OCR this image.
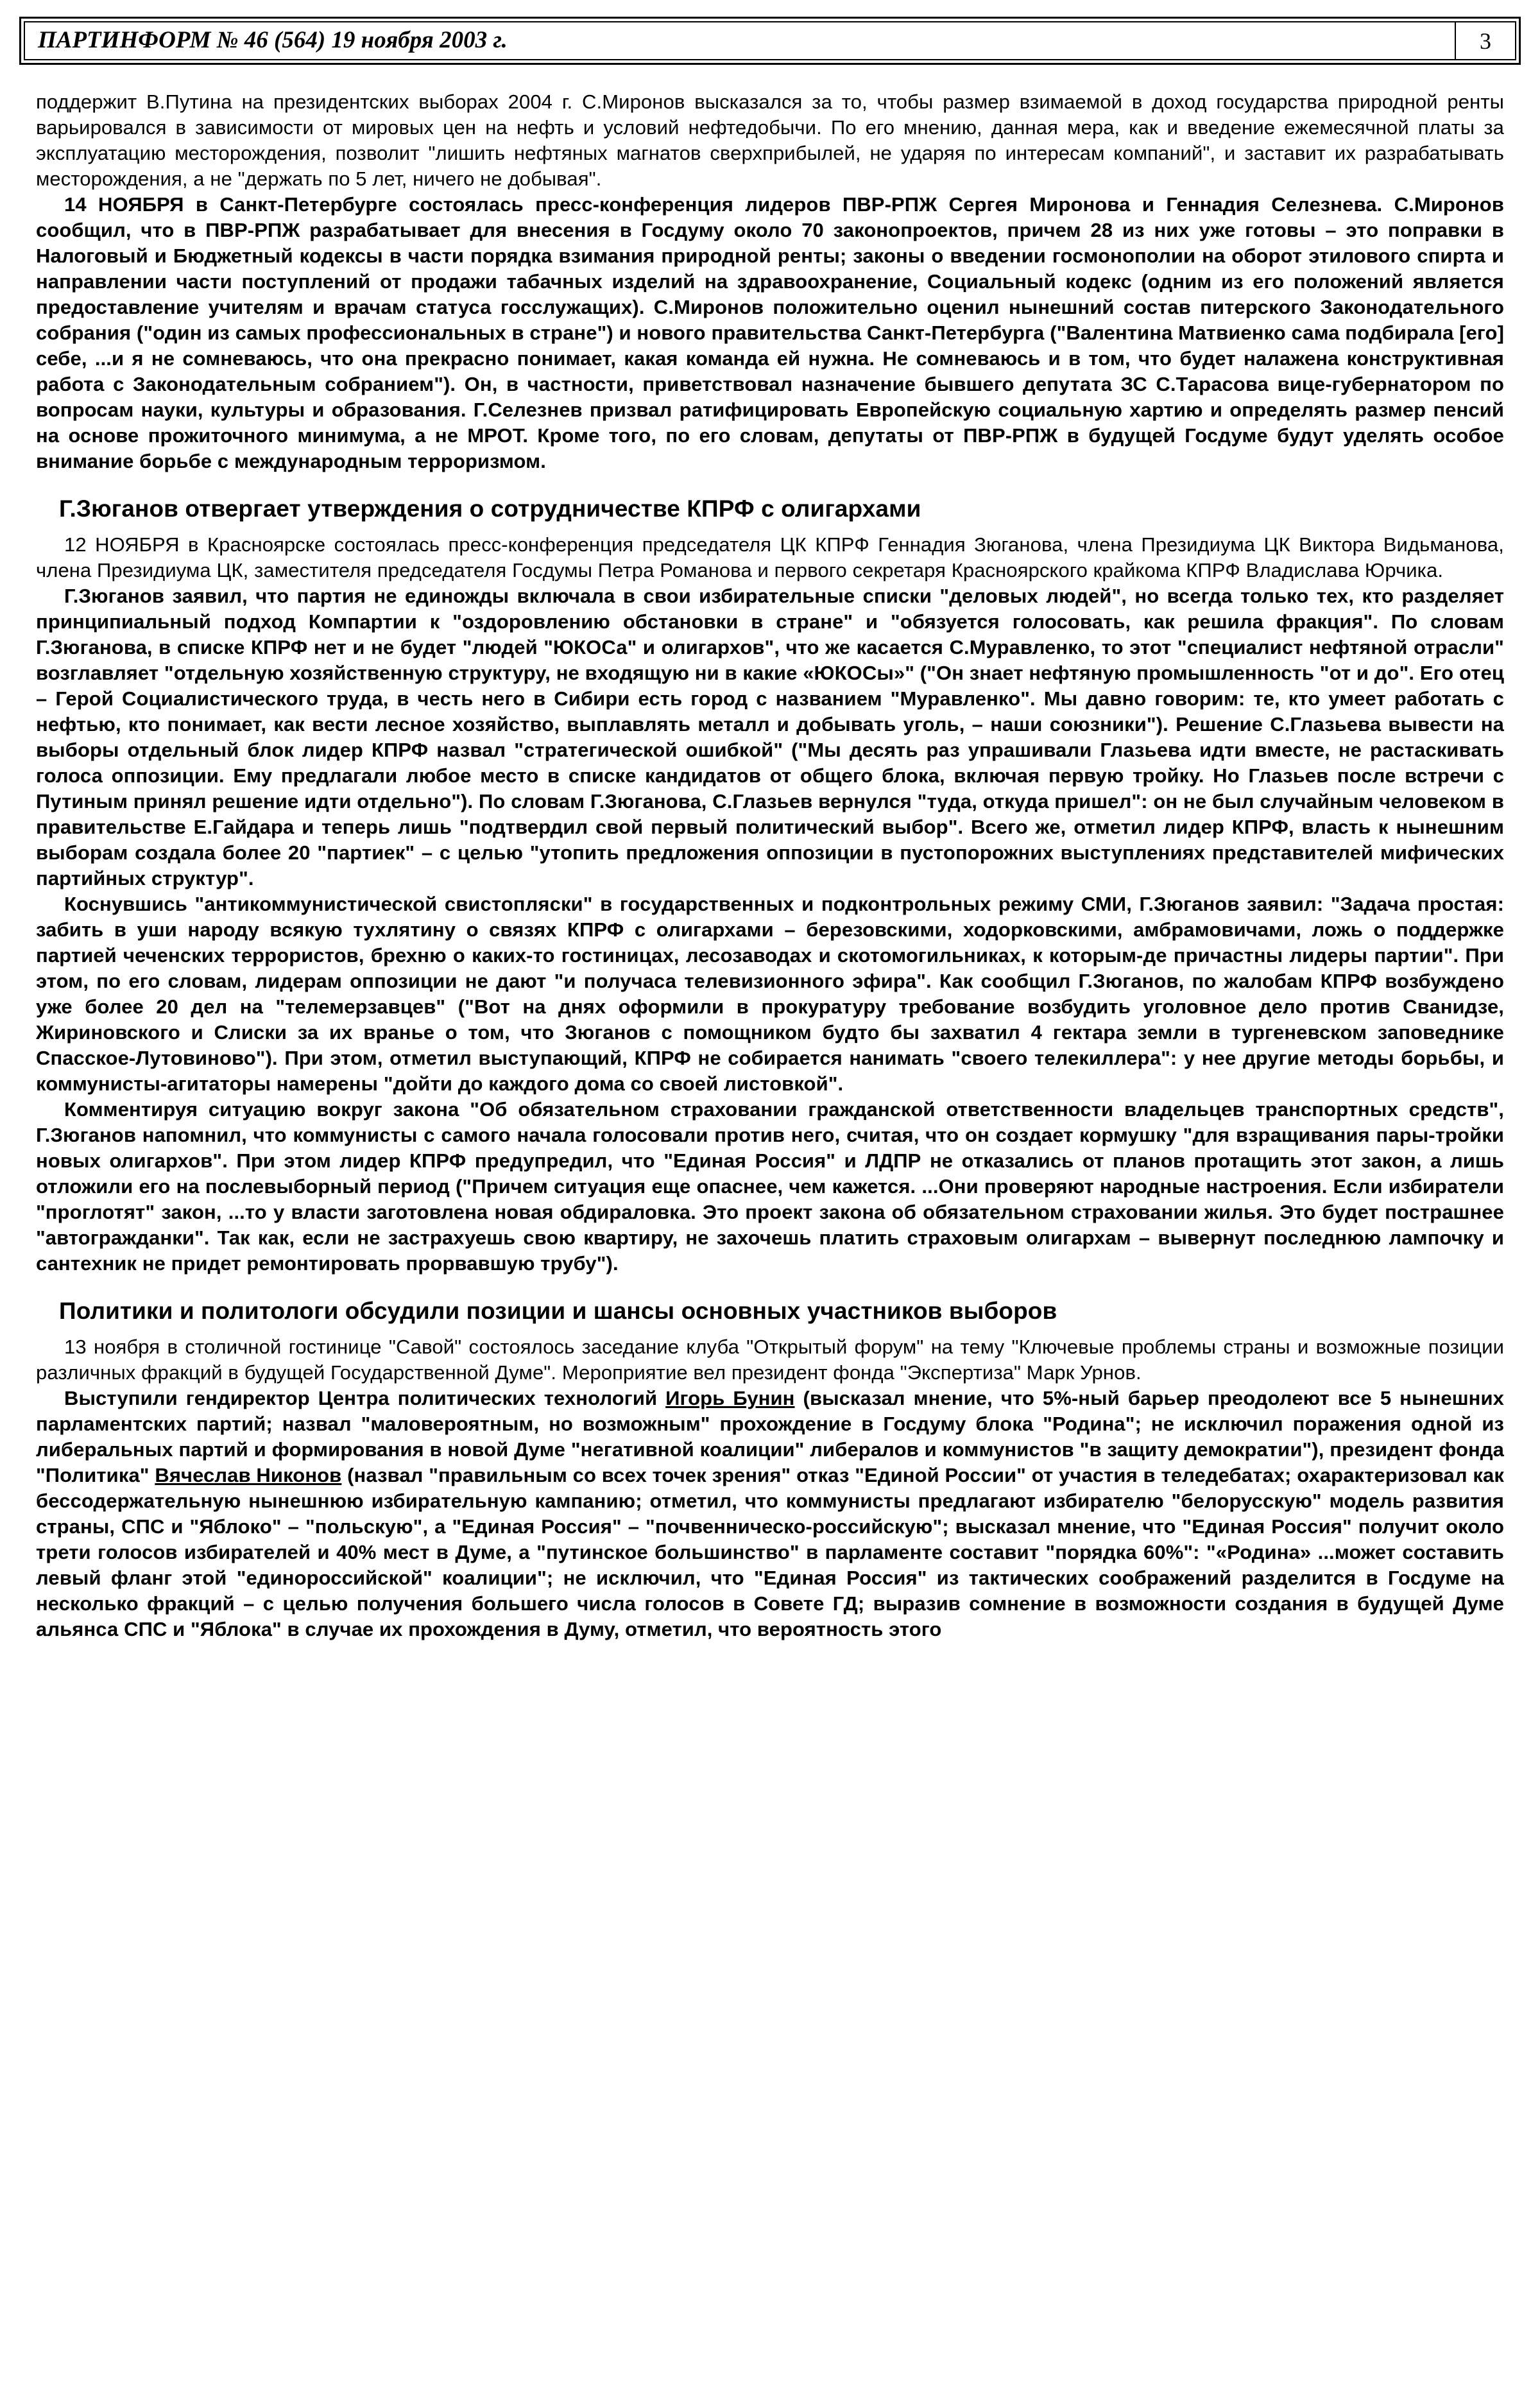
ПАРТИНФОРМ № 46 (564) 19 ноября 2003 г.	3
поддержит В.Путина на президентских выборах 2004 г. С.Миронов высказался за то, чтобы размер взимаемой в доход государства природной ренты варьировался в зависимости от мировых цен на нефть и условий нефтедобычи. По его мнению, данная мера, как и введение ежемесячной платы за эксплуатацию месторождения, позволит "лишить нефтяных магнатов сверхприбылей, не ударяя по интересам компаний", и заставит их разрабатывать месторождения, а не "держать по 5 лет, ничего не добывая".
14 НОЯБРЯ в Санкт-Петербурге состоялась пресс-конференция лидеров ПВР-РПЖ Сергея Миронова и Геннадия Селезнева. С.Миронов сообщил, что в ПВР-РПЖ разрабатывает для внесения в Госдуму около 70 законопроектов, причем 28 из них уже готовы – это поправки в Налоговый и Бюджетный кодексы в части порядка взимания природной ренты; законы о введении госмонополии на оборот этилового спирта и направлении части поступлений от продажи табачных изделий на здравоохранение, Социальный кодекс (одним из его положений является предоставление учителям и врачам статуса госслужащих). С.Миронов положительно оценил нынешний состав питерского Законодательного собрания ("один из самых профессиональных в стране") и нового правительства Санкт-Петербурга ("Валентина Матвиенко сама подбирала [его] себе, ...и я не сомневаюсь, что она прекрасно понимает, какая команда ей нужна. Не сомневаюсь и в том, что будет налажена конструктивная работа с Законодательным собранием"). Он, в частности, приветствовал назначение бывшего депутата ЗС С.Тарасова вице-губернатором по вопросам науки, культуры и образования. Г.Селезнев призвал ратифицировать Европейскую социальную хартию и определять размер пенсий на основе прожиточного минимума, а не МРОТ. Кроме того, по его словам, депутаты от ПВР-РПЖ в будущей Госдуме будут уделять особое внимание борьбе с международным терроризмом.
Г.Зюганов отвергает утверждения о сотрудничестве КПРФ с олигархами
12 НОЯБРЯ в Красноярске состоялась пресс-конференция председателя ЦК КПРФ Геннадия Зюганова, члена Президиума ЦК Виктора Видьманова, члена Президиума ЦК, заместителя председателя Госдумы Петра Романова и первого секретаря Красноярского крайкома КПРФ Владислава Юрчика.
Г.Зюганов заявил, что партия не единожды включала в свои избирательные списки "деловых людей", но всегда только тех, кто разделяет принципиальный подход Компартии к "оздоровлению обстановки в стране" и "обязуется голосовать, как решила фракция". По словам Г.Зюганова, в списке КПРФ нет и не будет "людей "ЮКОСа" и олигархов", что же касается С.Муравленко, то этот "специалист нефтяной отрасли" возглавляет "отдельную хозяйственную структуру, не входящую ни в какие «ЮКОСы»" ("Он знает нефтяную промышленность "от и до". Его отец – Герой Социалистического труда, в честь него в Сибири есть город с названием "Муравленко". Мы давно говорим: те, кто умеет работать с нефтью, кто понимает, как вести лесное хозяйство, выплавлять металл и добывать уголь, – наши союзники"). Решение С.Глазьева вывести на выборы отдельный блок лидер КПРФ назвал "стратегической ошибкой" ("Мы десять раз упрашивали Глазьева идти вместе, не растаскивать голоса оппозиции. Ему предлагали любое место в списке кандидатов от общего блока, включая первую тройку. Но Глазьев после встречи с Путиным принял решение идти отдельно"). По словам Г.Зюганова, С.Глазьев вернулся "туда, откуда пришел": он не был случайным человеком в правительстве Е.Гайдара и теперь лишь "подтвердил свой первый политический выбор". Всего же, отметил лидер КПРФ, власть к нынешним выборам создала более 20 "партиек" – с целью "утопить предложения оппозиции в пустопорожних выступлениях представителей мифических партийных структур".
Коснувшись "антикоммунистической свистопляски" в государственных и подконтрольных режиму СМИ, Г.Зюганов заявил: "Задача простая: забить в уши народу всякую тухлятину о связях КПРФ с олигархами – березовскими, ходорковскими, амбрамовичами, ложь о поддержке партией чеченских террористов, брехню о каких-то гостиницах, лесозаводах и скотомогильниках, к которым-де причастны лидеры партии". При этом, по его словам, лидерам оппозиции не дают "и получаса телевизионного эфира". Как сообщил Г.Зюганов, по жалобам КПРФ возбуждено уже более 20 дел на "телемерзавцев" ("Вот на днях оформили в прокуратуру требование возбудить уголовное дело против Сванидзе, Жириновского и Слиски за их вранье о том, что Зюганов с помощником будто бы захватил 4 гектара земли в тургеневском заповеднике Спасское-Лутовиново"). При этом, отметил выступающий, КПРФ не собирается нанимать "своего телекиллера": у нее другие методы борьбы, и коммунисты-агитаторы намерены "дойти до каждого дома со своей листовкой".
Комментируя ситуацию вокруг закона "Об обязательном страховании гражданской ответственности владельцев транспортных средств", Г.Зюганов напомнил, что коммунисты с самого начала голосовали против него, считая, что он создает кормушку "для взращивания пары-тройки новых олигархов". При этом лидер КПРФ предупредил, что "Единая Россия" и ЛДПР не отказались от планов протащить этот закон, а лишь отложили его на послевыборный период ("Причем ситуация еще опаснее, чем кажется. ...Они проверяют народные настроения. Если избиратели "проглотят" закон, ...то у власти заготовлена новая обдираловка. Это проект закона об обязательном страховании жилья. Это будет пострашнее "автогражданки". Так как, если не застрахуешь свою квартиру, не захочешь платить страховым олигархам – вывернут последнюю лампочку и сантехник не придет ремонтировать прорвавшую трубу").
Политики и политологи обсудили позиции и шансы основных участников выборов
13 ноября в столичной гостинице "Савой" состоялось заседание клуба "Открытый форум" на тему "Ключевые проблемы страны и возможные позиции различных фракций в будущей Государственной Думе". Мероприятие вел президент фонда "Экспертиза" Марк Урнов.
Выступили гендиректор Центра политических технологий Игорь Бунин (высказал мнение, что 5%-ный барьер преодолеют все 5 нынешних парламентских партий; назвал "маловероятным, но возможным" прохождение в Госдуму блока "Родина"; не исключил поражения одной из либеральных партий и формирования в новой Думе "негативной коалиции" либералов и коммунистов "в защиту демократии"), президент фонда "Политика" Вячеслав Никонов (назвал "правильным со всех точек зрения" отказ "Единой России" от участия в теледебатах; охарактеризовал как бессодержательную нынешнюю избирательную кампанию; отметил, что коммунисты предлагают избирателю "белорусскую" модель развития страны, СПС и "Яблоко" – "польскую", а "Единая Россия" – "почвенническо-российскую"; высказал мнение, что "Единая Россия" получит около трети голосов избирателей и 40% мест в Думе, а "путинское большинство" в парламенте составит "порядка 60%": "«Родина» ...может составить левый фланг этой "единороссийской" коалиции"; не исключил, что "Единая Россия" из тактических соображений разделится в Госдуме на несколько фракций – с целью получения большего числа голосов в Совете ГД; выразив сомнение в возможности создания в будущей Думе альянса СПС и "Яблока" в случае их прохождения в Думу, отметил, что вероятность этого
